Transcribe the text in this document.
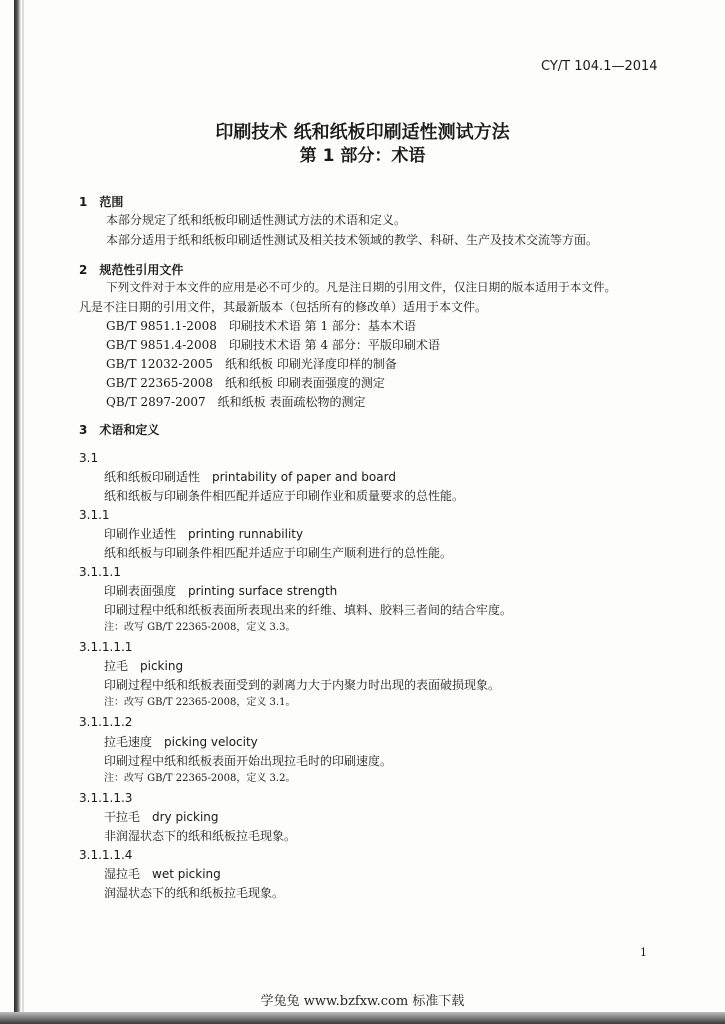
CY/T 104.1—2014
印刷技术 纸和纸板印刷适性测试方法
第 1 部分：术语
1　范围
本部分规定了纸和纸板印刷适性测试方法的术语和定义。
本部分适用于纸和纸板印刷适性测试及相关技术领域的教学、科研、生产及技术交流等方面。
2　规范性引用文件
下列文件对于本文件的应用是必不可少的。凡是注日期的引用文件，仅注日期的版本适用于本文件。
凡是不注日期的引用文件，其最新版本（包括所有的修改单）适用于本文件。
GB/T 9851.1-2008　印刷技术术语 第 1 部分：基本术语
GB/T 9851.4-2008　印刷技术术语 第 4 部分：平版印刷术语
GB/T 12032-2005　纸和纸板 印刷光泽度印样的制备
GB/T 22365-2008　纸和纸板 印刷表面强度的测定
QB/T 2897-2007　纸和纸板 表面疏松物的测定
3　术语和定义
3.1
纸和纸板印刷适性　printability of paper and board
纸和纸板与印刷条件相匹配并适应于印刷作业和质量要求的总性能。
3.1.1
印刷作业适性　printing runnability
纸和纸板与印刷条件相匹配并适应于印刷生产顺利进行的总性能。
3.1.1.1
印刷表面强度　printing surface strength
印刷过程中纸和纸板表面所表现出来的纤维、填料、胶料三者间的结合牢度。
注：改写 GB/T 22365-2008，定义 3.3。
3.1.1.1.1
拉毛　picking
印刷过程中纸和纸板表面受到的剥离力大于内聚力时出现的表面破损现象。
注：改写 GB/T 22365-2008，定义 3.1。
3.1.1.1.2
拉毛速度　picking velocity
印刷过程中纸和纸板表面开始出现拉毛时的印刷速度。
注：改写 GB/T 22365-2008，定义 3.2。
3.1.1.1.3
干拉毛　dry picking
非润湿状态下的纸和纸板拉毛现象。
3.1.1.1.4
湿拉毛　wet picking
润湿状态下的纸和纸板拉毛现象。
1
学兔兔 www.bzfxw.com 标准下载
